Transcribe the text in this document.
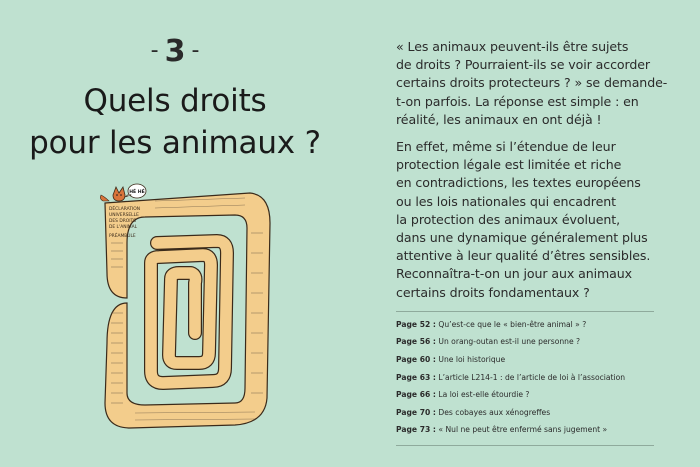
- 3 -
Quels droits
pour les animaux ?
DÉCLARATION
UNIVERSELLE
DES DROITS
DE L'ANIMAL
PRÉAMBULE
HÉ HÉ
« Les animaux peuvent-ils être sujets
de droits ? Pourraient-ils se voir accorder
certains droits protecteurs ? » se demande-
t-on parfois. La réponse est simple : en
réalité, les animaux en ont déjà !
En effet, même si l’étendue de leur
protection légale est limitée et riche
en contradictions, les textes européens
ou les lois nationales qui encadrent
la protection des animaux évoluent,
dans une dynamique généralement plus
attentive à leur qualité d’êtres sensibles.
Reconnaîtra-t-on un jour aux animaux
certains droits fondamentaux ?
Page 52 : Qu’est-ce que le « bien-être animal » ?
Page 56 : Un orang-outan est-il une personne ?
Page 60 : Une loi historique
Page 63 : L’article L214-1 : de l’article de loi à l’association
Page 66 : La loi est-elle étourdie ?
Page 70 : Des cobayes aux xénogreffes
Page 73 : « Nul ne peut être enfermé sans jugement »
